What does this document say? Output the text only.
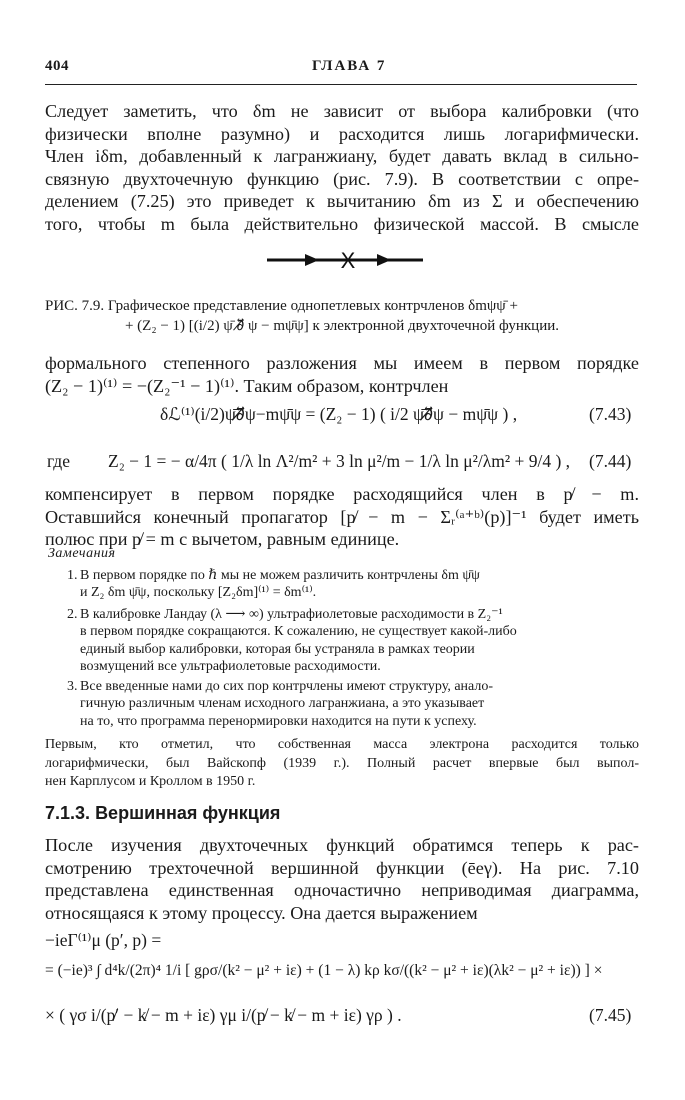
404	ГЛАВА 7
Следует заметить, что δm не зависит от выбора калибровки (что
физически вполне разумно) и расходится лишь логарифмически.
Член iδm, добавленный к лагранжиану, будет давать вклад в сильно-
связную двухточечную функцию (рис. 7.9). В соответствии с опре-
делением (7.25) это приведет к вычитанию δm из Σ и обеспечению
того, чтобы m была действительно физической массой. В смысле
X
РИС. 7.9. Графическое представление однопетлевых контрчленов δmψψ̄ +
+ (Z₂ − 1) [(i/2) ψ̄ ∂̸⃡ ψ − mψ̄ψ] к электронной двухточечной функции.
формального степенного разложения мы имеем в первом порядке
(Z₂ − 1)⁽¹⁾ = −(Z₂⁻¹ − 1)⁽¹⁾. Таким образом, контрчлен
δℒ⁽¹⁾(i/2)ψ̄∂̸⃡ψ−mψ̄ψ = (Z₂ − 1) ( i/2 ψ̄∂̸⃡ψ − mψ̄ψ ) ,	(7.43)
где Z₂ − 1 = − α/4π ( 1/λ ln Λ²/m² + 3 ln μ²/m − 1/λ ln μ²/λm² + 9/4 ) , (7.44)
компенсирует в первом порядке расходящийся член в p̸ − m.
Оставшийся конечный пропагатор [p̸ − m − Σᵣ⁽ᵃ⁺ᵇ⁾(p)]⁻¹ будет иметь
полюс при p̸ = m с вычетом, равным единице.
Замечания
1. В первом порядке по ℏ мы не можем различить контрчлены δm ψ̄ψ
и Z₂ δm ψ̄ψ, поскольку [Z₂δm]⁽¹⁾ = δm⁽¹⁾.
2. В калибровке Ландау (λ ⟶ ∞) ультрафиолетовые расходимости в Z₂⁻¹
в первом порядке сокращаются. К сожалению, не существует какой-либо
единый выбор калибровки, которая бы устраняла в рамках теории
возмущений все ультрафиолетовые расходимости.
3. Все введенные нами до сих пор контрчлены имеют структуру, анало-
гичную различным членам исходного лагранжиана, а это указывает
на то, что программа перенормировки находится на пути к успеху.
Первым, кто отметил, что собственная масса электрона расходится только
логарифмически, был Вайскопф (1939 г.). Полный расчет впервые был выпол-
нен Карплусом и Кроллом в 1950 г.
7.1.3. Вершинная функция
После изучения двухточечных функций обратимся теперь к рас-
смотрению трехточечной вершинной функции (ēeγ). На рис. 7.10
представлена единственная одночастично неприводимая диаграмма,
относящаяся к этому процессу. Она дается выражением
−ieΓ⁽¹⁾μ (p′, p) =
= (−ie)³ ∫ d⁴k/(2π)⁴ 1/i [ gρσ/(k² − μ² + iε) + (1 − λ) kρ kσ/((k² − μ² + iε)(λk² − μ² + iε)) ] ×
× ( γσ i/(p̸′ − k̸ − m + iε) γμ i/(p̸ − k̸ − m + iε) γρ ) .	(7.45)
